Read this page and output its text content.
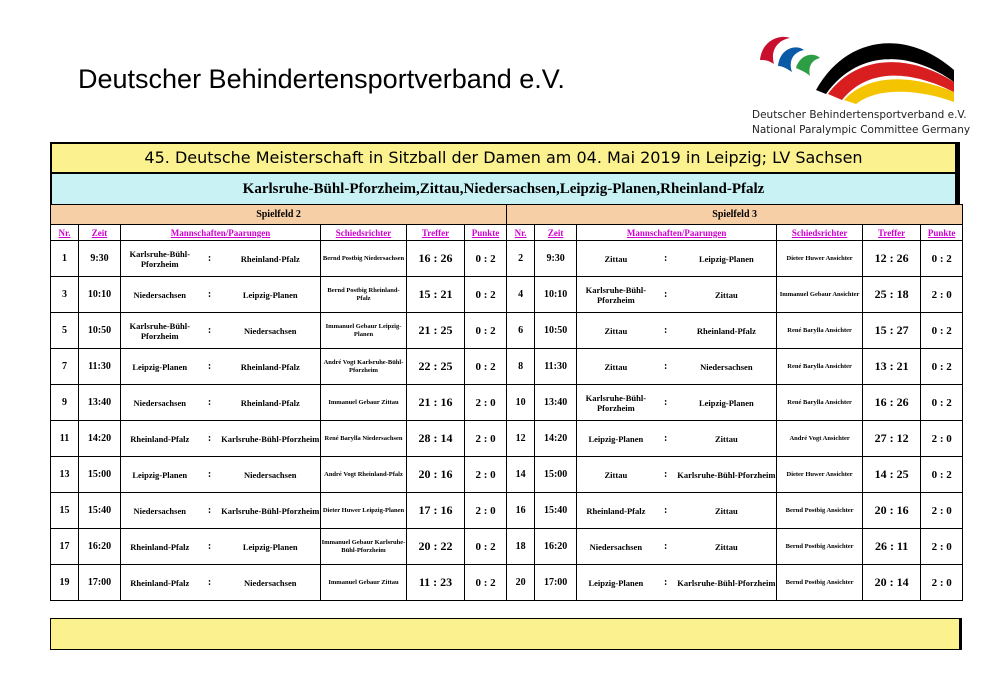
Deutscher Behindertensportverband e.V.
Deutscher Behindertensportverband e.V.
National Paralympic Committee Germany
45. Deutsche Meisterschaft in Sitzball der Damen am 04. Mai 2019 in Leipzig; LV Sachsen
Karlsruhe-Bühl-Pforzheim,Zittau,Niedersachsen,Leipzig-Planen,Rheinland-Pfalz
Spielfeld 2								Spielfeld 3							
Nr.	Zeit	Mannschaften/Paarungen			Schiedsrichter	Treffer	Punkte	Nr.	Zeit	Mannschaften/Paarungen			Schiedsrichter	Treffer	Punkte
1	9:30	Karlsruhe-Bühl-Pforzheim	:	Rheinland-Pfalz	Bernd Postbig Niedersachsen	16 : 26	0 : 2	2	9:30	Zittau	:	Leipzig-Planen	Dieter Huwer Ansichter	12 : 26	0 : 2
3	10:10	Niedersachsen	:	Leipzig-Planen	Bernd Postbig Rheinland-Pfalz	15 : 21	0 : 2	4	10:10	Karlsruhe-Bühl-Pforzheim	:	Zittau	Immanuel Gebaur Ansichter	25 : 18	2 : 0
5	10:50	Karlsruhe-Bühl-Pforzheim	:	Niedersachsen	Immanuel Gebaur Leipzig-Planen	21 : 25	0 : 2	6	10:50	Zittau	:	Rheinland-Pfalz	René Barylla Ansichter	15 : 27	0 : 2
7	11:30	Leipzig-Planen	:	Rheinland-Pfalz	André Vogt Karlsruhe-Bühl-Pforzheim	22 : 25	0 : 2	8	11:30	Zittau	:	Niedersachsen	René Barylla Ansichter	13 : 21	0 : 2
9	13:40	Niedersachsen	:	Rheinland-Pfalz	Immanuel Gebaur Zittau	21 : 16	2 : 0	10	13:40	Karlsruhe-Bühl-Pforzheim	:	Leipzig-Planen	René Barylla Ansichter	16 : 26	0 : 2
11	14:20	Rheinland-Pfalz	:	Karlsruhe-Bühl-Pforzheim	René Barylla Niedersachsen	28 : 14	2 : 0	12	14:20	Leipzig-Planen	:	Zittau	André Vogt Ansichter	27 : 12	2 : 0
13	15:00	Leipzig-Planen	:	Niedersachsen	André Vogt Rheinland-Pfalz	20 : 16	2 : 0	14	15:00	Zittau	:	Karlsruhe-Bühl-Pforzheim	Dieter Huwer Ansichter	14 : 25	0 : 2
15	15:40	Niedersachsen	:	Karlsruhe-Bühl-Pforzheim	Dieter Huwer Leipzig-Planen	17 : 16	2 : 0	16	15:40	Rheinland-Pfalz	:	Zittau	Bernd Postbig Ansichter	20 : 16	2 : 0
17	16:20	Rheinland-Pfalz	:	Leipzig-Planen	Immanuel Gebaur Karlsruhe-Bühl-Pforzheim	20 : 22	0 : 2	18	16:20	Niedersachsen	:	Zittau	Bernd Postbig Ansichter	26 : 11	2 : 0
19	17:00	Rheinland-Pfalz	:	Niedersachsen	Immanuel Gebaur Zittau	11 : 23	0 : 2	20	17:00	Leipzig-Planen	:	Karlsruhe-Bühl-Pforzheim	Bernd Postbig Ansichter	20 : 14	2 : 0
